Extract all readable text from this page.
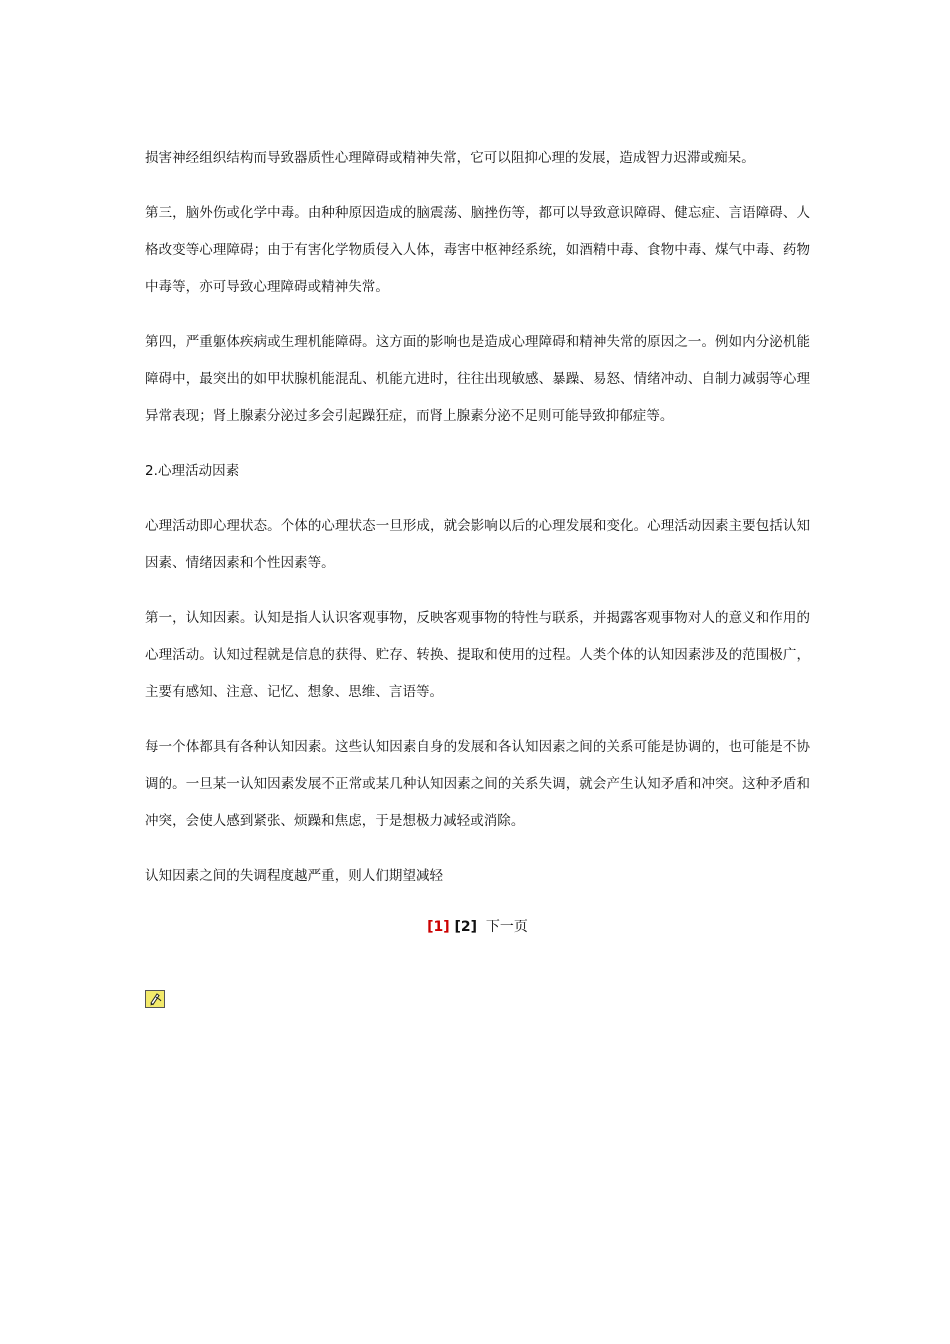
损害神经组织结构而导致器质性心理障碍或精神失常，它可以阻抑心理的发展，造成智力迟滞或痴呆。

第三，脑外伤或化学中毒。由种种原因造成的脑震荡、脑挫伤等，都可以导致意识障碍、健忘症、言语障碍、人格改变等心理障碍；由于有害化学物质侵入人体，毒害中枢神经系统，如酒精中毒、食物中毒、煤气中毒、药物中毒等，亦可导致心理障碍或精神失常。

第四，严重躯体疾病或生理机能障碍。这方面的影响也是造成心理障碍和精神失常的原因之一。例如内分泌机能障碍中，最突出的如甲状腺机能混乱、机能亢进时，往往出现敏感、暴躁、易怒、情绪冲动、自制力减弱等心理异常表现；肾上腺素分泌过多会引起躁狂症，而肾上腺素分泌不足则可能导致抑郁症等。

2.心理活动因素

心理活动即心理状态。个体的心理状态一旦形成，就会影响以后的心理发展和变化。心理活动因素主要包括认知因素、情绪因素和个性因素等。

第一，认知因素。认知是指人认识客观事物，反映客观事物的特性与联系，并揭露客观事物对人的意义和作用的心理活动。认知过程就是信息的获得、贮存、转换、提取和使用的过程。人类个体的认知因素涉及的范围极广，主要有感知、注意、记忆、想象、思维、言语等。

每一个体都具有各种认知因素。这些认知因素自身的发展和各认知因素之间的关系可能是协调的，也可能是不协调的。一旦某一认知因素发展不正常或某几种认知因素之间的关系失调，就会产生认知矛盾和冲突。这种矛盾和冲突，会使人感到紧张、烦躁和焦虑，于是想极力减轻或消除。

认知因素之间的失调程度越严重，则人们期望减轻

[1] [2] 下一页
